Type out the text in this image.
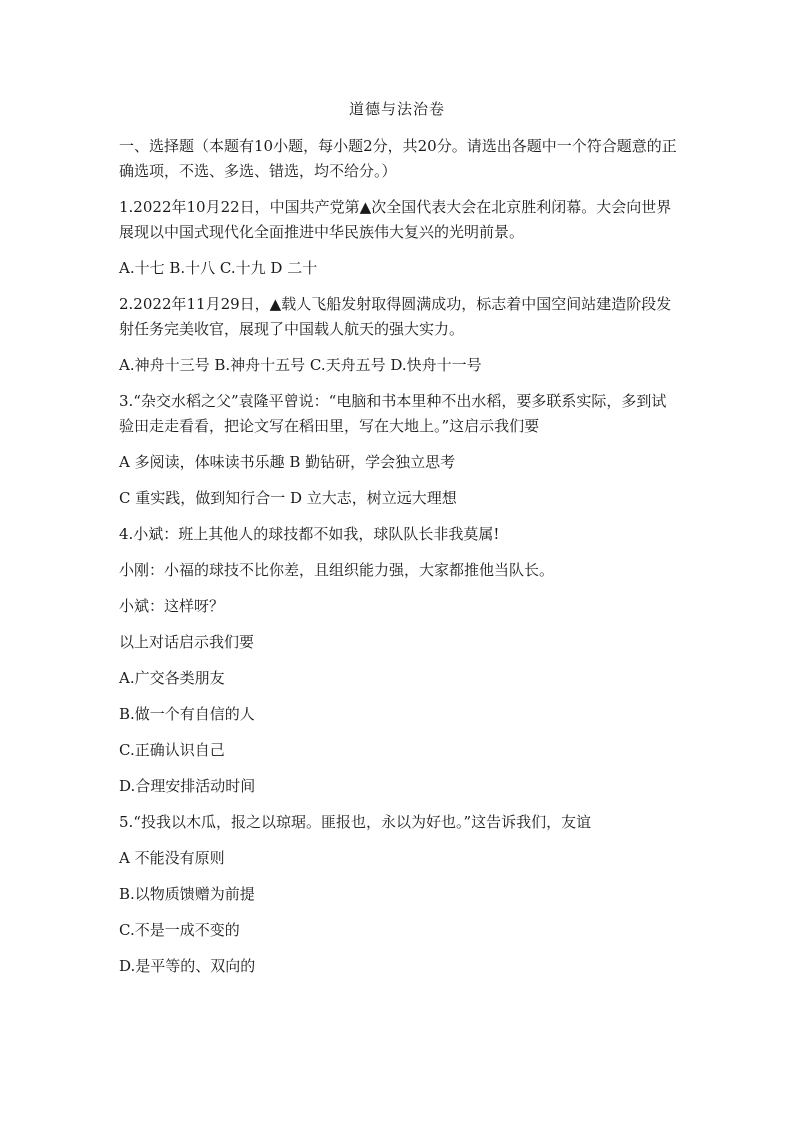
道德与法治卷

一、选择题（本题有10小题，每小题2分，共20分。请选出各题中一个符合题意的正确选项，不选、多选、错选，均不给分。）

1.2022年10月22日，中国共产党第▲次全国代表大会在北京胜利闭幕。大会向世界展现以中国式现代化全面推进中华民族伟大复兴的光明前景。

A.十七 B.十八 C.十九 D 二十

2.2022年11月29日，▲载人飞船发射取得圆满成功，标志着中国空间站建造阶段发射任务完美收官，展现了中国载人航天的强大实力。

A.神舟十三号 B.神舟十五号 C.天舟五号 D.快舟十一号

3.“杂交水稻之父”袁隆平曾说：“电脑和书本里种不出水稻，要多联系实际，多到试验田走走看看，把论文写在稻田里，写在大地上。”这启示我们要

A 多阅读，体味读书乐趣 B 勤钻研，学会独立思考

C 重实践，做到知行合一 D 立大志，树立远大理想

4.小斌：班上其他人的球技都不如我，球队队长非我莫属!

小刚：小福的球技不比你差，且组织能力强，大家都推他当队长。

小斌：这样呀？

以上对话启示我们要

A.广交各类朋友

B.做一个有自信的人

C.正确认识自己

D.合理安排活动时间

5.“投我以木瓜，报之以琼琚。匪报也，永以为好也。”这告诉我们，友谊

A 不能没有原则

B.以物质馈赠为前提

C.不是一成不变的

D.是平等的、双向的
